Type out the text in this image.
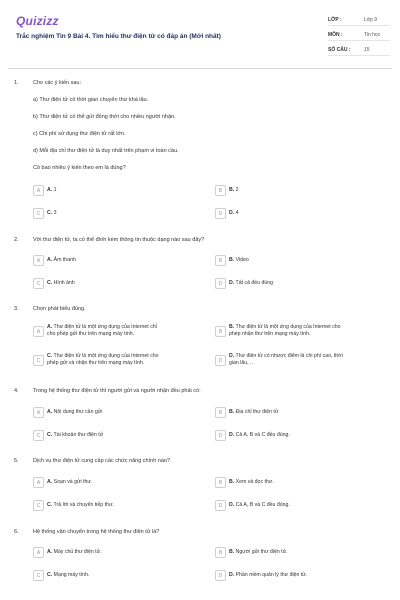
Quizizz
Trắc nghiệm Tin 9 Bài 4. Tìm hiểu thư điện tử có đáp án (Mới nhất)
LỚP :	Lớp 9
MÔN :	Tin học
SỐ CÂU :	15
1.	Cho các ý kiến sau:
a) Thư điện tử có thời gian chuyển thư khá lâu.
b) Thư điện tử có thể gửi đồng thời cho nhiều người nhận.
c) Chi phí sử dụng thư điện tử rất lớn.
d) Mỗi địa chỉ thư điện tử là duy nhất trên phạm vi toàn cầu.
Có bao nhiêu ý kiến theo em là đúng?
A	A. 1	B	B. 2
C	C. 3	D	D. 4
2.	Với thư điện tử, ta có thể đính kèm thông tin thuộc dạng nào sau đây?
A	A. Âm thanh	B	B. Video
C	C. Hình ảnh	D	D. Tất cả đều đúng
3.	Chọn phát biểu đúng.
A
A. Thư điện tử là một ứng dụng của Internet chỉ
cho phép gửi thư trên mạng máy tính.	B
B. Thư điện tử là một ứng dụng của Internet cho
phép nhận thư trên mạng máy tính.
C
C. Thư điện tử là một ứng dụng của Internet cho
phép gửi và nhận thư trên mạng máy tính.	D
D. Thư điện tử có nhược điểm là chi phí cao, thời
gian lâu, ..
4.	Trong hệ thống thư điện tử thì người gửi và người nhận đều phải có:
A	A. Nội dung thư cần gửi	B	B. Địa chỉ thư điện tử
C	C. Tài khoản thư điện tử	D	D. Cả A, B và C đều đúng.
5.	Dịch vụ thư điện tử cung cấp các chức năng chính nào?
A	A. Soạn và gửi thư.	B	B. Xem và đọc thư.
C	C. Trả lời và chuyển tiếp thư.	D	D. Cả A, B và C đều đúng.
6.	Hệ thống vận chuyển trong hệ thống thư điện tử là?
A	A. Máy chủ thư điện tử.	B	B. Người gửi thư điện tử.
C	C. Mạng máy tính.	D	D. Phần mềm quản lý thư điện tử.
